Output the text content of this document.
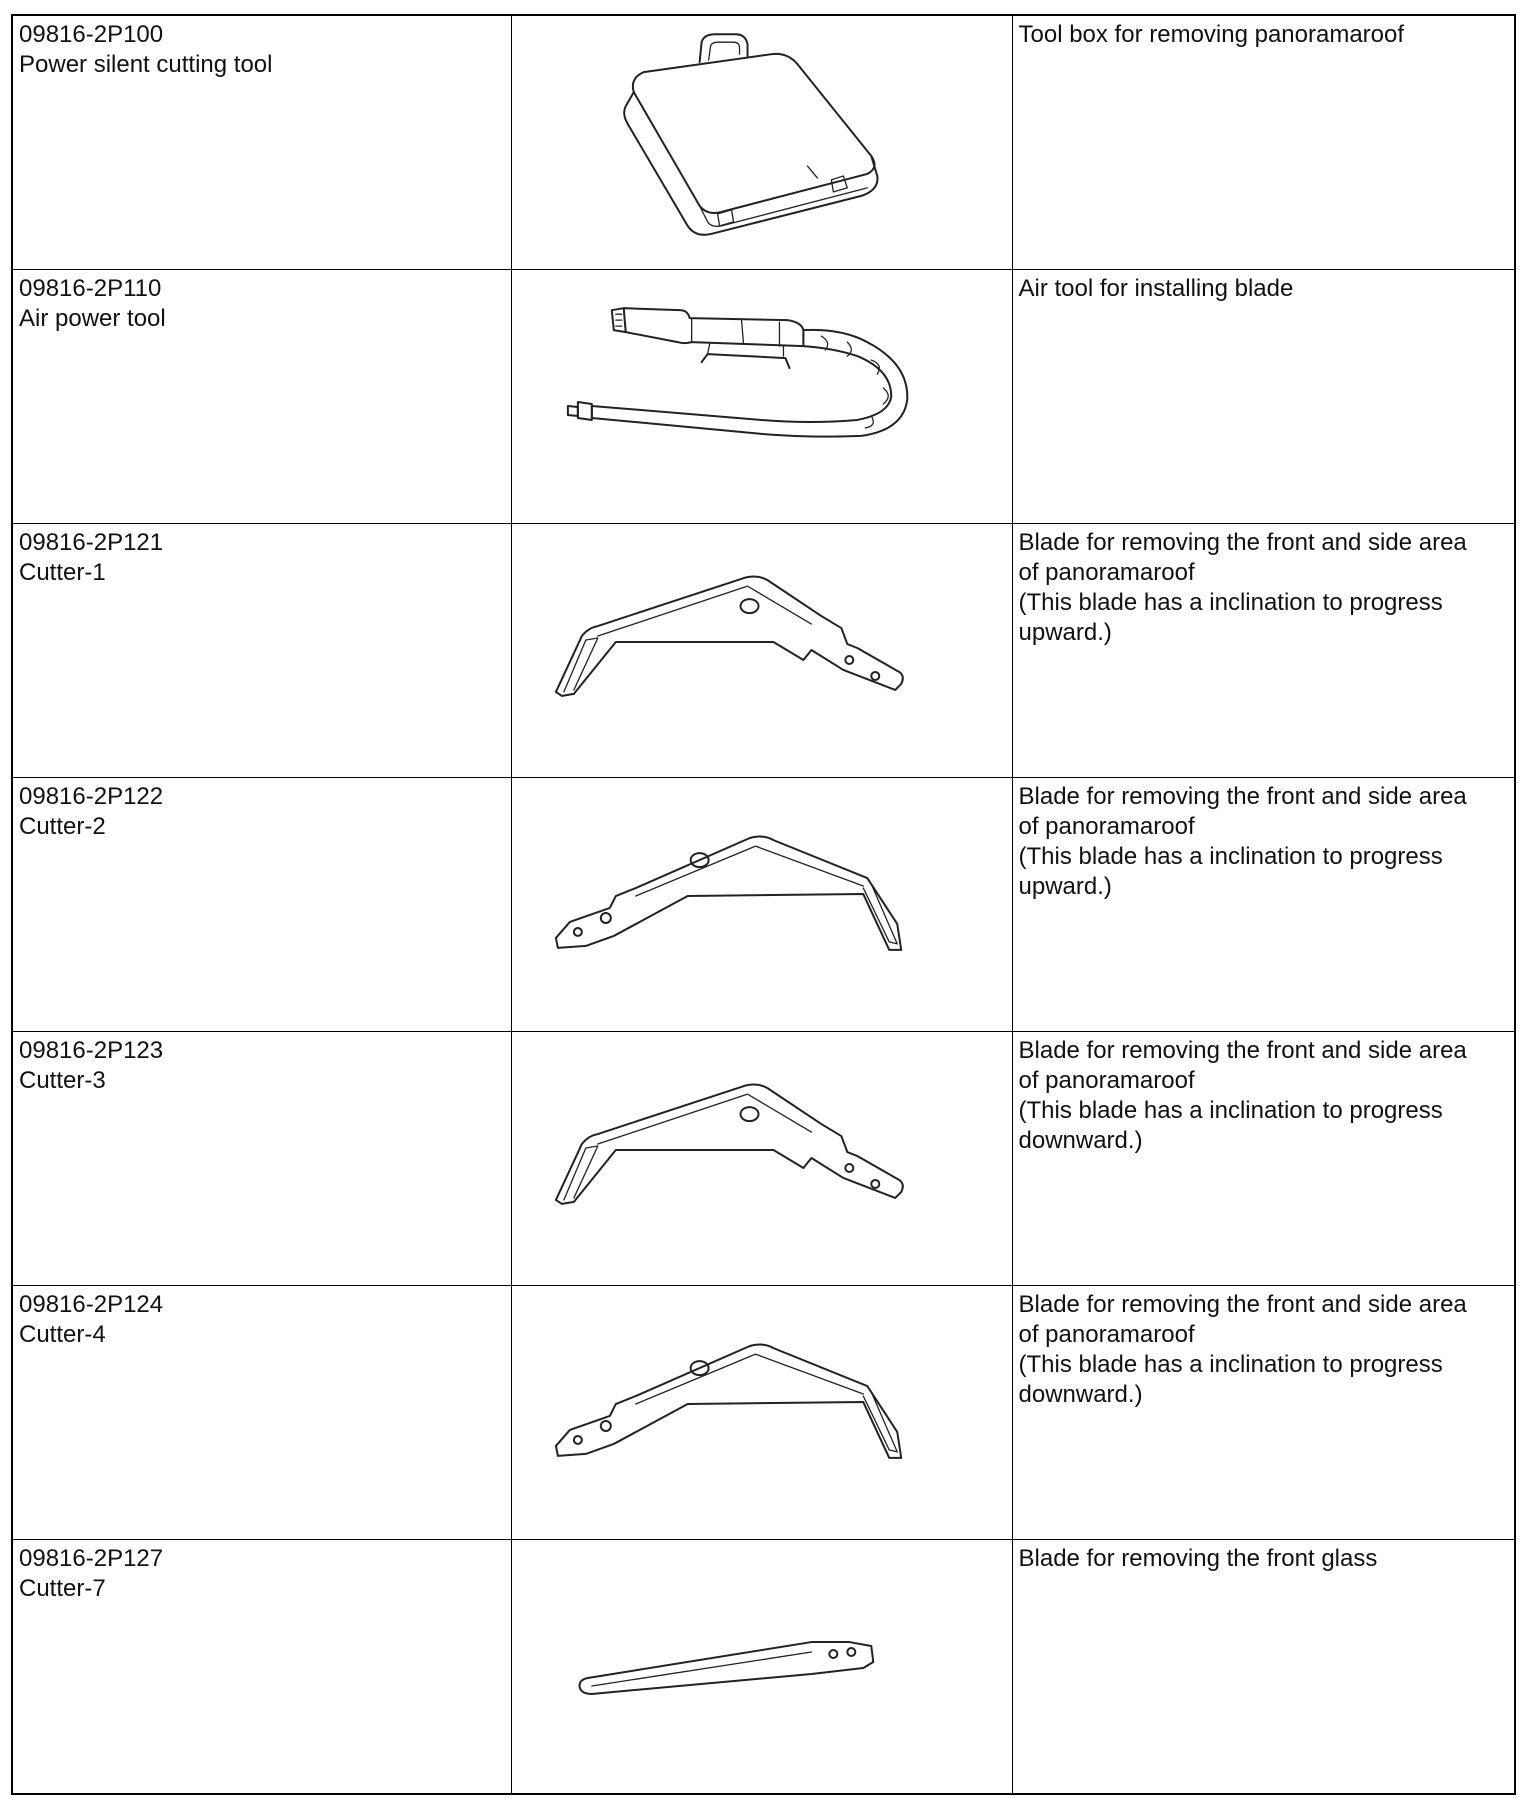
09816-2P100
Power silent cutting tool		Tool box for removing panoramaroof

09816-2P110
Air power tool		Air tool for installing blade

09816-2P121
Cutter-1		Blade for removing the front and side area
of panoramaroof
(This blade has a inclination to progress
upward.)

09816-2P122
Cutter-2		Blade for removing the front and side area
of panoramaroof
(This blade has a inclination to progress
upward.)

09816-2P123
Cutter-3		Blade for removing the front and side area
of panoramaroof
(This blade has a inclination to progress
downward.)

09816-2P124
Cutter-4		Blade for removing the front and side area
of panoramaroof
(This blade has a inclination to progress
downward.)

09816-2P127
Cutter-7		Blade for removing the front glass
